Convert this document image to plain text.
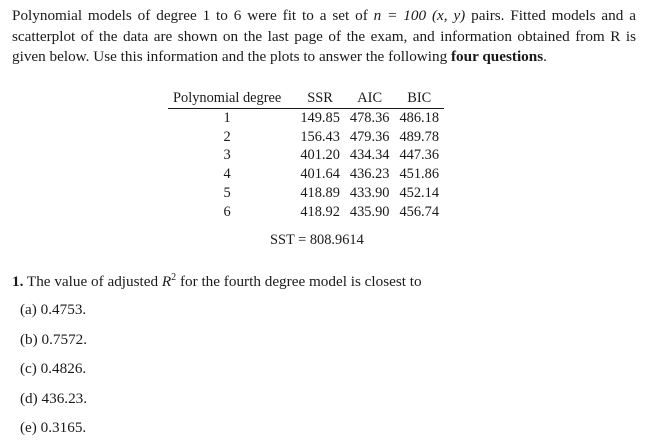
Polynomial models of degree 1 to 6 were fit to a set of n = 100 (x, y) pairs. Fitted models and a scatterplot of the data are shown on the last page of the exam, and information obtained from R is given below. Use this information and the plots to answer the following four questions.

Polynomial degree	SSR	AIC	BIC
1	149.85	478.36	486.18
2	156.43	479.36	489.78
3	401.20	434.34	447.36
4	401.64	436.23	451.86
5	418.89	433.90	452.14
6	418.92	435.90	456.74
SST = 808.9614

1. The value of adjusted $R^2$ for the fourth degree model is closest to

(a) 0.4753.
(b) 0.7572.
(c) 0.4826.
(d) 436.23.
(e) 0.3165.
